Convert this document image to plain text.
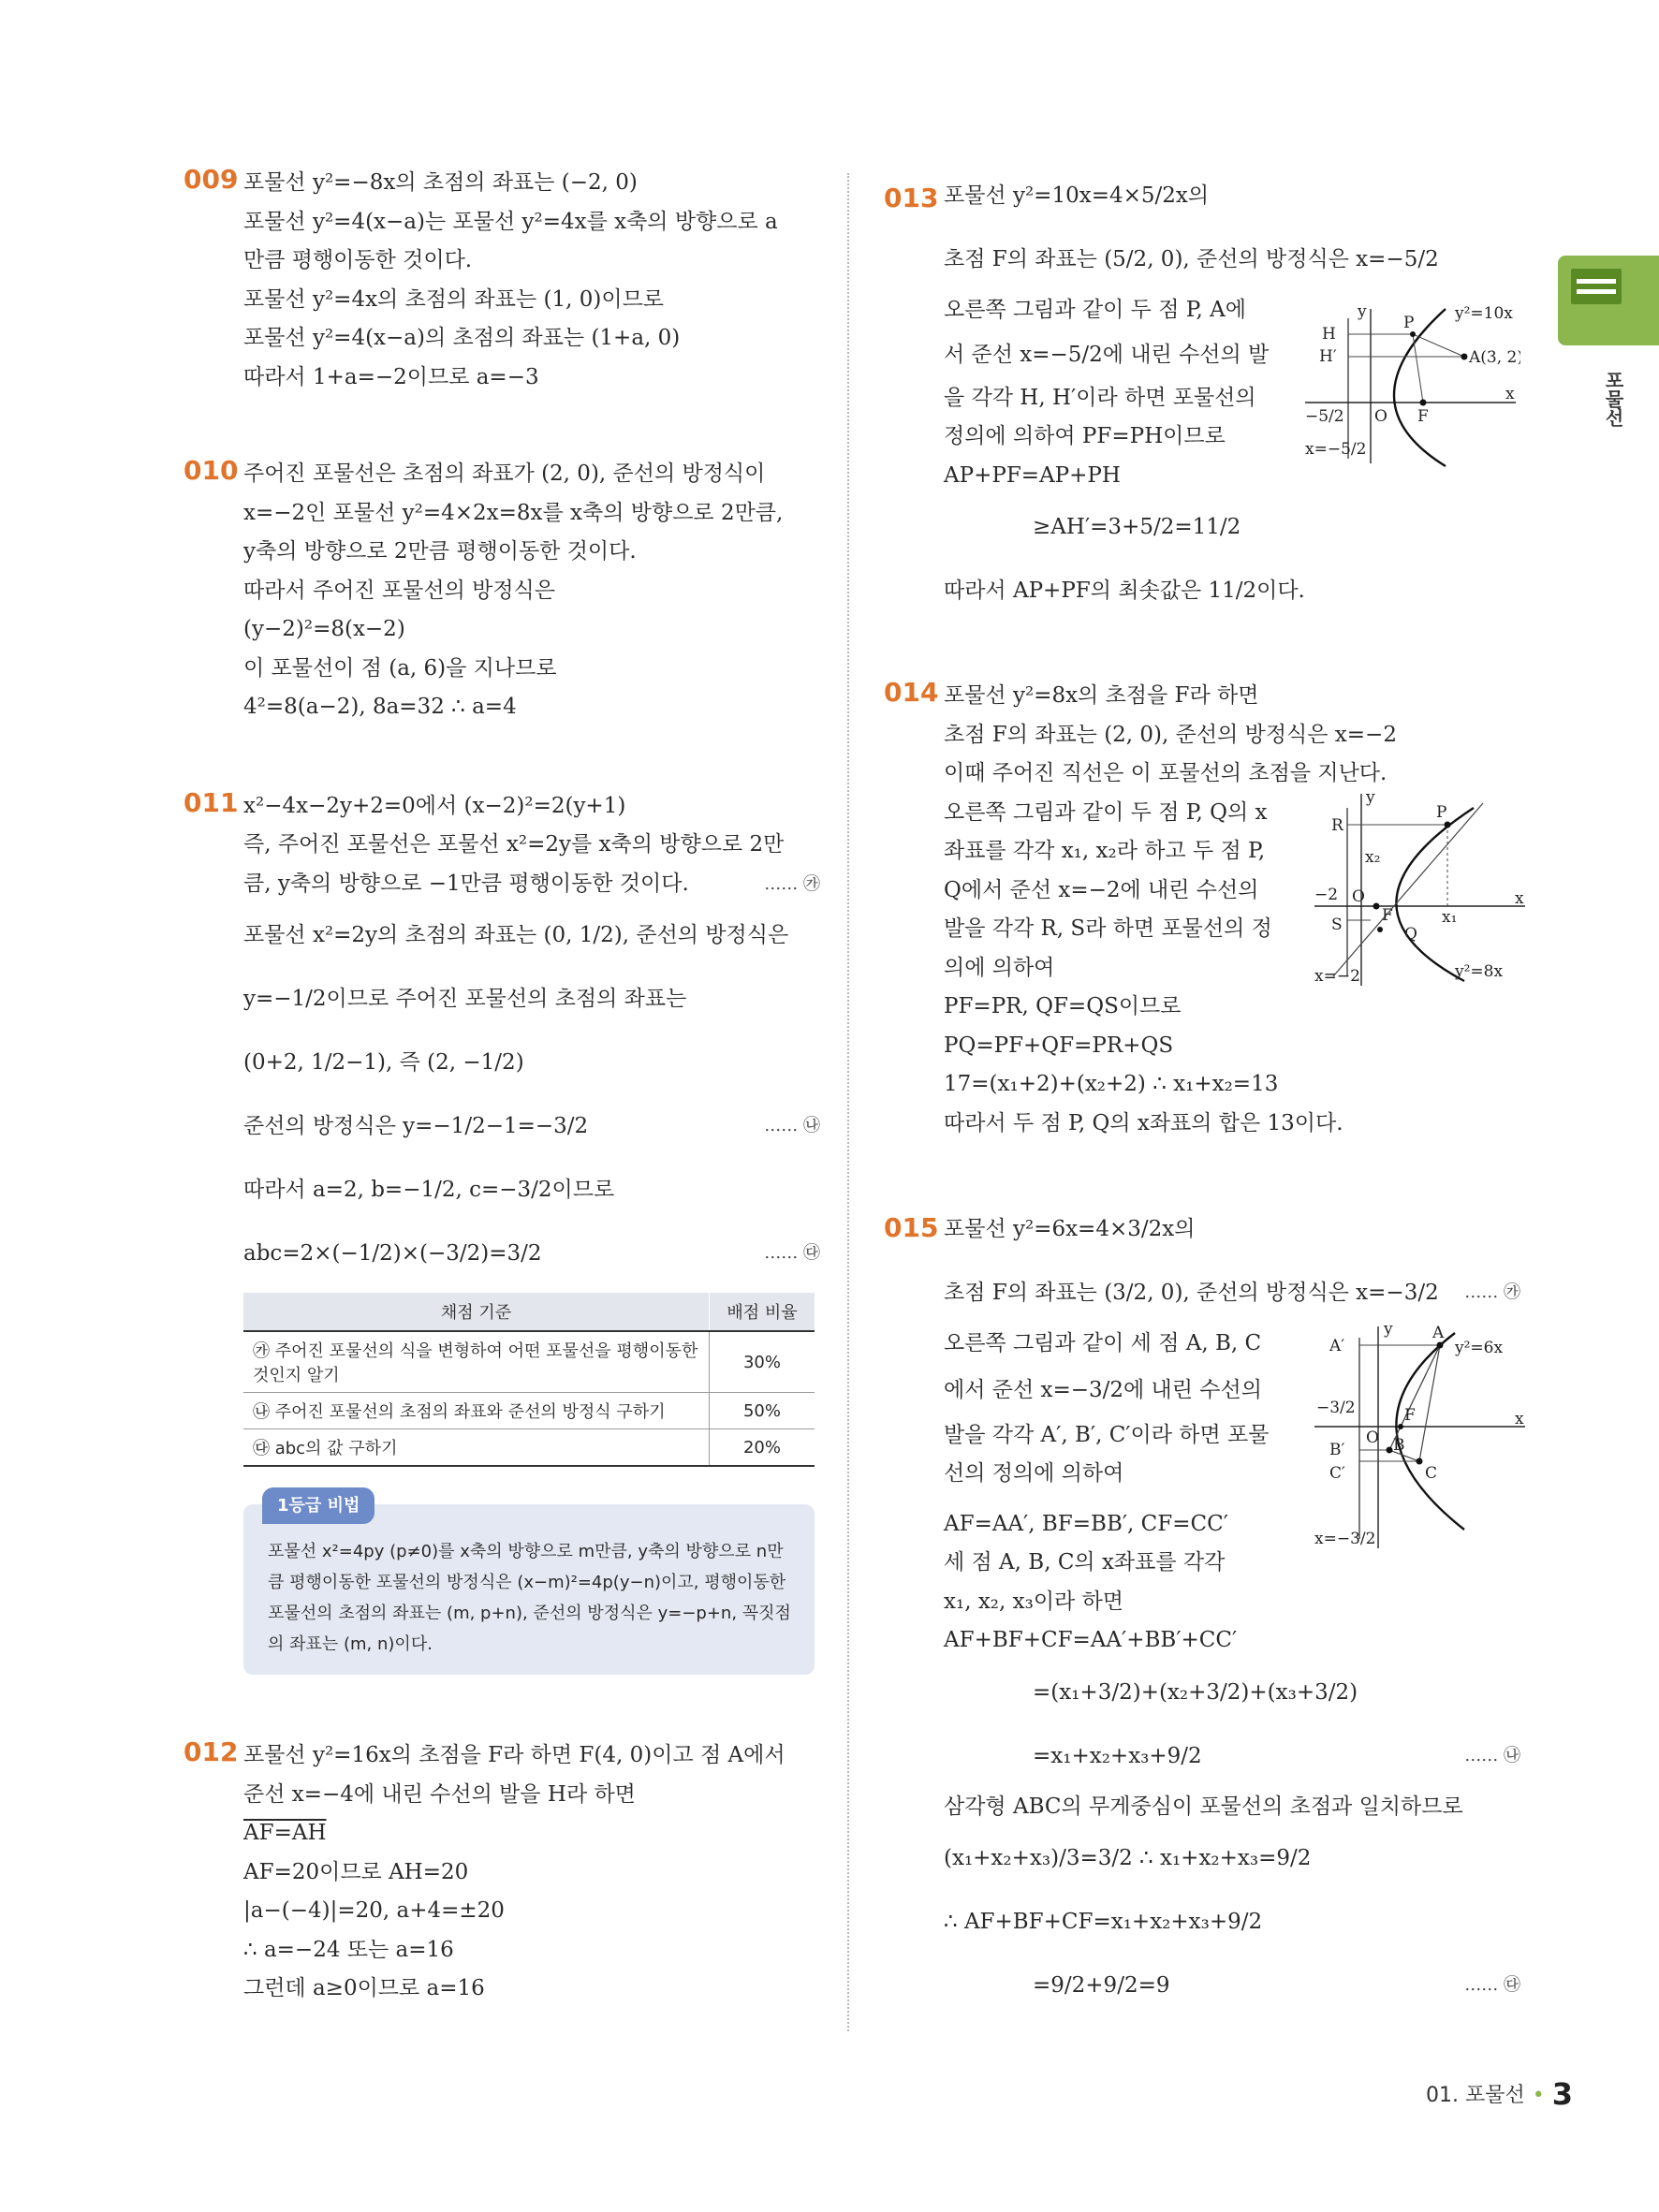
포물선
009 포물선 y²=−8x의 초점의 좌표는 (−2, 0)
포물선 y²=4(x−a)는 포물선 y²=4x를 x축의 방향으로 a
만큼 평행이동한 것이다.
포물선 y²=4x의 초점의 좌표는 (1, 0)이므로
포물선 y²=4(x−a)의 초점의 좌표는 (1+a, 0)
따라서 1+a=−2이므로 a=−3
010 주어진 포물선은 초점의 좌표가 (2, 0), 준선의 방정식이
x=−2인 포물선 y²=4×2x=8x를 x축의 방향으로 2만큼,
y축의 방향으로 2만큼 평행이동한 것이다.
따라서 주어진 포물선의 방정식은
(y−2)²=8(x−2)
이 포물선이 점 (a, 6)을 지나므로
4²=8(a−2), 8a=32 ∴ a=4
011 x²−4x−2y+2=0에서 (x−2)²=2(y+1)
즉, 주어진 포물선은 포물선 x²=2y를 x축의 방향으로 2만
…… ㉮
큼, y축의 방향으로 −1만큼 평행이동한 것이다.
포물선 x²=2y의 초점의 좌표는 (0, 1/2), 준선의 방정식은
y=−1/2이므로 주어진 포물선의 초점의 좌표는
(0+2, 1/2−1), 즉 (2, −1/2)
…… ㉯
준선의 방정식은 y=−1/2−1=−3/2
따라서 a=2, b=−1/2, c=−3/2이므로
…… ㉰
abc=2×(−1/2)×(−3/2)=3/2
채점 기준	배점 비율
㉮ 주어진 포물선의 식을 변형하여 어떤 포물선을 평행이동한 것인지 알기	30%
㉯ 주어진 포물선의 초점의 좌표와 준선의 방정식 구하기	50%
㉰ abc의 값 구하기	20%
1등급 비법
포물선 x²=4py (p≠0)를 x축의 방향으로 m만큼, y축의 방향으로 n만큼 평행이동한 포물선의 방정식은 (x−m)²=4p(y−n)이고, 평행이동한 포물선의 초점의 좌표는 (m, p+n), 준선의 방정식은 y=−p+n, 꼭짓점의 좌표는 (m, n)이다.
012 포물선 y²=16x의 초점을 F라 하면 F(4, 0)이고 점 A에서
준선 x=−4에 내린 수선의 발을 H라 하면
AF=AH
AF=20이므로 AH=20
|a−(−4)|=20, a+4=±20
∴ a=−24 또는 a=16
그런데 a≥0이므로 a=16
013 포물선 y²=10x=4×5/2x의
초점 F의 좌표는 (5/2, 0), 준선의 방정식은 x=−5/2
오른쪽 그림과 같이 두 점 P, A에
서 준선 x=−5/2에 내린 수선의 발
을 각각 H, H′이라 하면 포물선의
정의에 의하여 PF=PH이므로
AP+PF=AP+PH
≥AH′=3+5/2=11/2
따라서 AP+PF의 최솟값은 11/2이다.
y²=10x
P
A(3, 2)
H
H′
O F
x
y
−5/2
x=−5/2
014 포물선 y²=8x의 초점을 F라 하면
초점 F의 좌표는 (2, 0), 준선의 방정식은 x=−2
이때 주어진 직선은 이 포물선의 초점을 지난다.
오른쪽 그림과 같이 두 점 P, Q의 x
좌표를 각각 x₁, x₂라 하고 두 점 P,
Q에서 준선 x=−2에 내린 수선의
발을 각각 R, S라 하면 포물선의 정
의에 의하여
PF=PR, QF=QS이므로
PQ=PF+QF=PR+QS
17=(x₁+2)+(x₂+2) ∴ x₁+x₂=13
따라서 두 점 P, Q의 x좌표의 합은 13이다.
y²=8x
P
Q
R
S F
O	x
y
−2
x₁
x₂
x=−2
015 포물선 y²=6x=4×3/2x의
…… ㉮
초점 F의 좌표는 (3/2, 0), 준선의 방정식은 x=−3/2
오른쪽 그림과 같이 세 점 A, B, C
에서 준선 x=−3/2에 내린 수선의
발을 각각 A′, B′, C′이라 하면 포물
선의 정의에 의하여
AF=AA′, BF=BB′, CF=CC′
세 점 A, B, C의 x좌표를 각각
x₁, x₂, x₃이라 하면
AF+BF+CF=AA′+BB′+CC′
=(x₁+3/2)+(x₂+3/2)+(x₃+3/2)
…… ㉯
=x₁+x₂+x₃+9/2
삼각형 ABC의 무게중심이 포물선의 초점과 일치하므로
(x₁+x₂+x₃)/3=3/2 ∴ x₁+x₂+x₃=9/2
∴ AF+BF+CF=x₁+x₂+x₃+9/2
…… ㉰
=9/2+9/2=9
y²=6x
A
B
C
A′
B′
C′
F
O
x
y
−3/2
x=−3/2
01. 포물선 • 3
